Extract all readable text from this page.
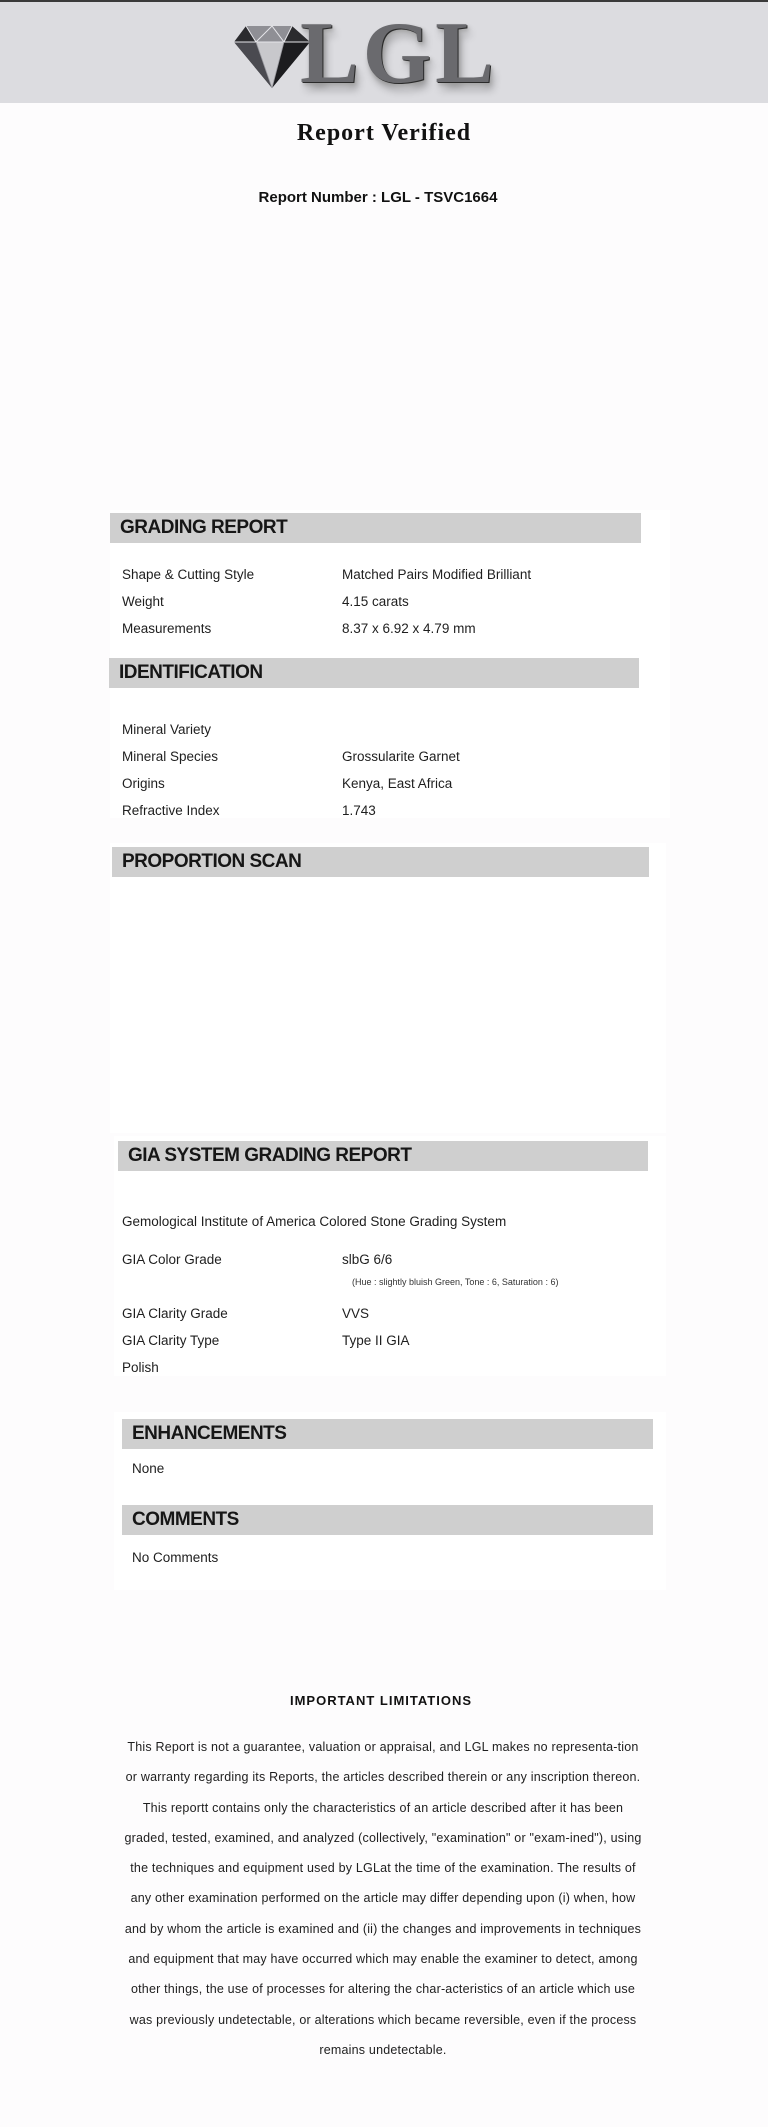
LGL
Report Verified
Report Number : LGL - TSVC1664
GRADING REPORT
Shape & Cutting Style	Matched Pairs Modified Brilliant
Weight	4.15 carats
Measurements	8.37 x 6.92 x 4.79 mm
IDENTIFICATION
Mineral Variety
Mineral Species	Grossularite Garnet
Origins	Kenya, East Africa
Refractive Index	1.743
PROPORTION SCAN
GIA SYSTEM GRADING REPORT
Gemological Institute of America Colored Stone Grading System
GIA Color Grade	slbG 6/6
(Hue : slightly bluish Green, Tone : 6, Saturation : 6)
GIA Clarity Grade	VVS
GIA Clarity Type	Type II GIA
Polish
ENHANCEMENTS
None
COMMENTS
No Comments
IMPORTANT LIMITATIONS
This Report is not a guarantee, valuation or appraisal, and LGL makes no representa-tion or warranty regarding its Reports, the articles described therein or any inscription thereon. This reportt contains only the characteristics of an article described after it has been graded, tested, examined, and analyzed (collectively, "examination" or "exam-ined"), using the techniques and equipment used by LGLat the time of the examination. The results of any other examination performed on the article may differ depending upon (i) when, how and by whom the article is examined and (ii) the changes and improvements in techniques and equipment that may have occurred which may enable the examiner to detect, among other things, the use of processes for altering the char-acteristics of an article which use was previously undetectable, or alterations which became reversible, even if the process remains undetectable.
